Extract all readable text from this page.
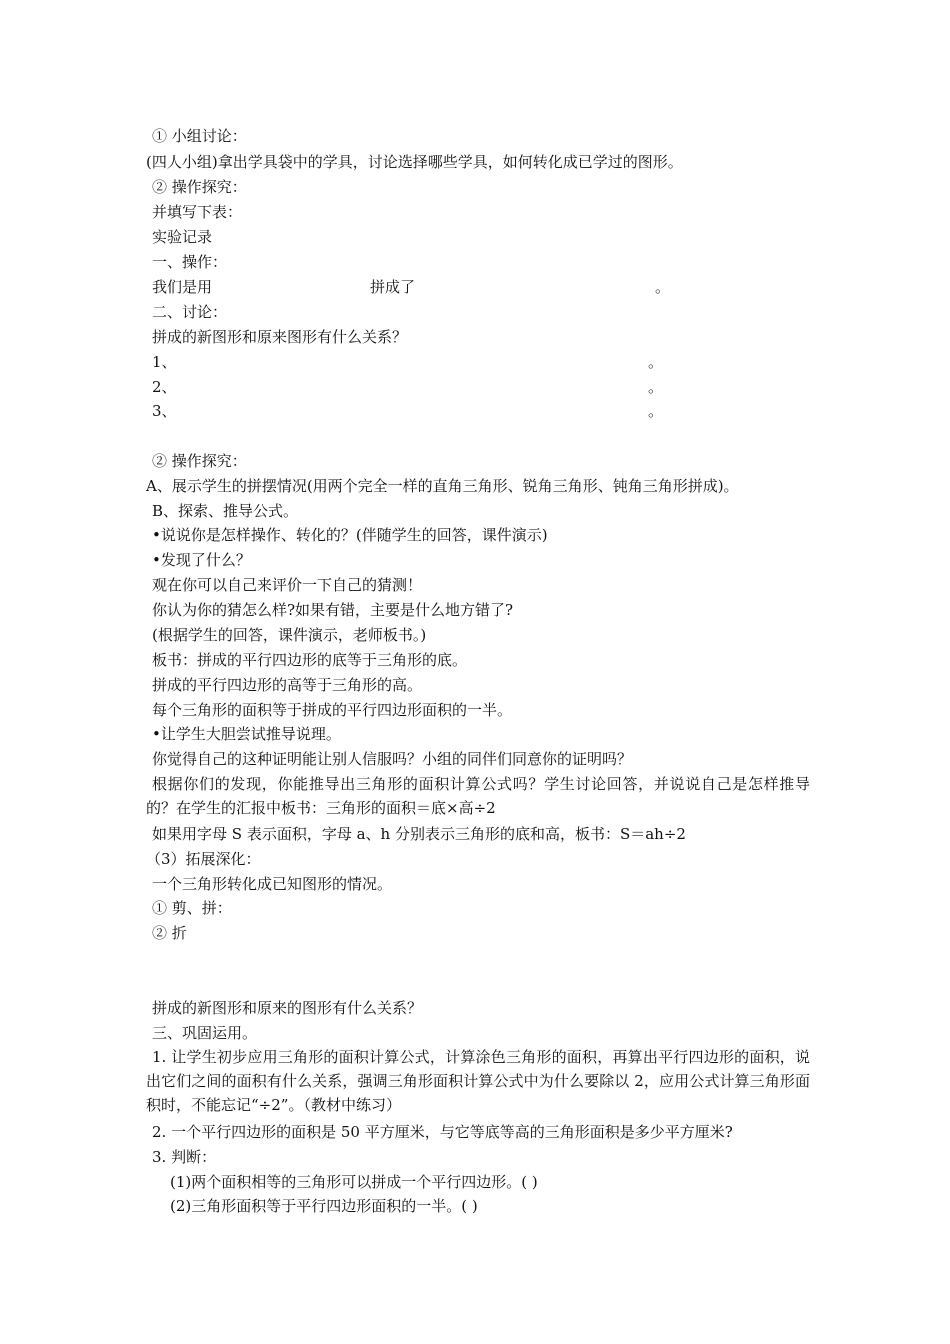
① 小组讨论：
(四人小组)拿出学具袋中的学具，讨论选择哪些学具，如何转化成已学过的图形。
② 操作探究：
并填写下表：
实验记录
一、操作：
我们是用	拼成了	。
二、讨论：
拼成的新图形和原来图形有什么关系？
1、	。
2、	。
3、	。
② 操作探究：
A、展示学生的拼摆情况(用两个完全一样的直角三角形、锐角三角形、钝角三角形拼成)。
B、探索、推导公式。
•说说你是怎样操作、转化的？(伴随学生的回答，课件演示)
•发现了什么？
观在你可以自己来评价一下自己的猜测！
你认为你的猜怎么样?如果有错，主要是什么地方错了?
(根据学生的回答，课件演示，老师板书。)
板书：拼成的平行四边形的底等于三角形的底。
拼成的平行四边形的高等于三角形的高。
每个三角形的面积等于拼成的平行四边形面积的一半。
•让学生大胆尝试推导说理。
你觉得自己的这种证明能让别人信服吗？小组的同伴们同意你的证明吗？
根据你们的发现，你能推导出三角形的面积计算公式吗？学生讨论回答，并说说自己是怎样推导的？在学生的汇报中板书：三角形的面积＝底×高÷2
如果用字母 S 表示面积，字母 a、h 分别表示三角形的底和高，板书：S＝ah÷2
（3）拓展深化：
一个三角形转化成已知图形的情况。
① 剪、拼：
② 折
拼成的新图形和原来的图形有什么关系？
三、巩固运用。
1. 让学生初步应用三角形的面积计算公式，计算涂色三角形的面积，再算出平行四边形的面积，说出它们之间的面积有什么关系，强调三角形面积计算公式中为什么要除以 2，应用公式计算三角形面积时，不能忘记“÷2”。（教材中练习）
2. 一个平行四边形的面积是 50 平方厘米，与它等底等高的三角形面积是多少平方厘米?
3. 判断：
(1)两个面积相等的三角形可以拼成一个平行四边形。( )
(2)三角形面积等于平行四边形面积的一半。( )
